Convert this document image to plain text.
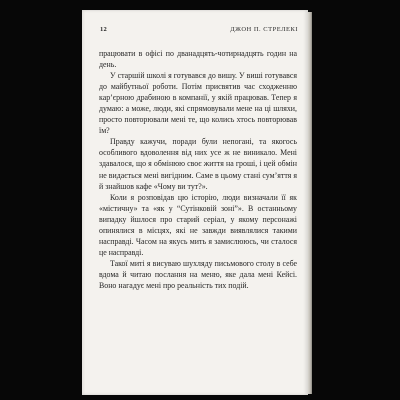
12	ДЖОН П. СТРЕЛЕКІ

працювати в офісі по дванадцять-чотирнадцять годин на день.

У старшій школі я готувався до вишу. У виші готувався до майбутньої роботи. Потім присвятив час сходженню кар’єрною драбиною в компанії, у якій працював. Тепер я думаю: а може, люди, які спрямовували мене на ці шляхи, просто повторювали мені те, що колись хтось повторював їм?

Правду кажучи, поради були непогані, та якогось особливого вдоволення від них усе ж не виникало. Мені здавалося, що я обмінюю своє життя на гроші, і цей обмін не видається мені вигідним. Саме в цьому стані сум’яття я й знайшов кафе «Чому ви тут?».

Коли я розповідав цю історію, люди визначали її як «містичну» та «як у “Сутінковій зоні”». В останньому випадку йшлося про старий серіал, у якому персонажі опинялися в місцях, які не завжди виявлялися такими насправді. Часом на якусь мить я замислююсь, чи сталося це насправді.

Такої миті я висуваю шухляду письмового столу в себе вдома й читаю послання на меню, яке дала мені Кейсі. Воно нагадує мені про реальність тих подій.
